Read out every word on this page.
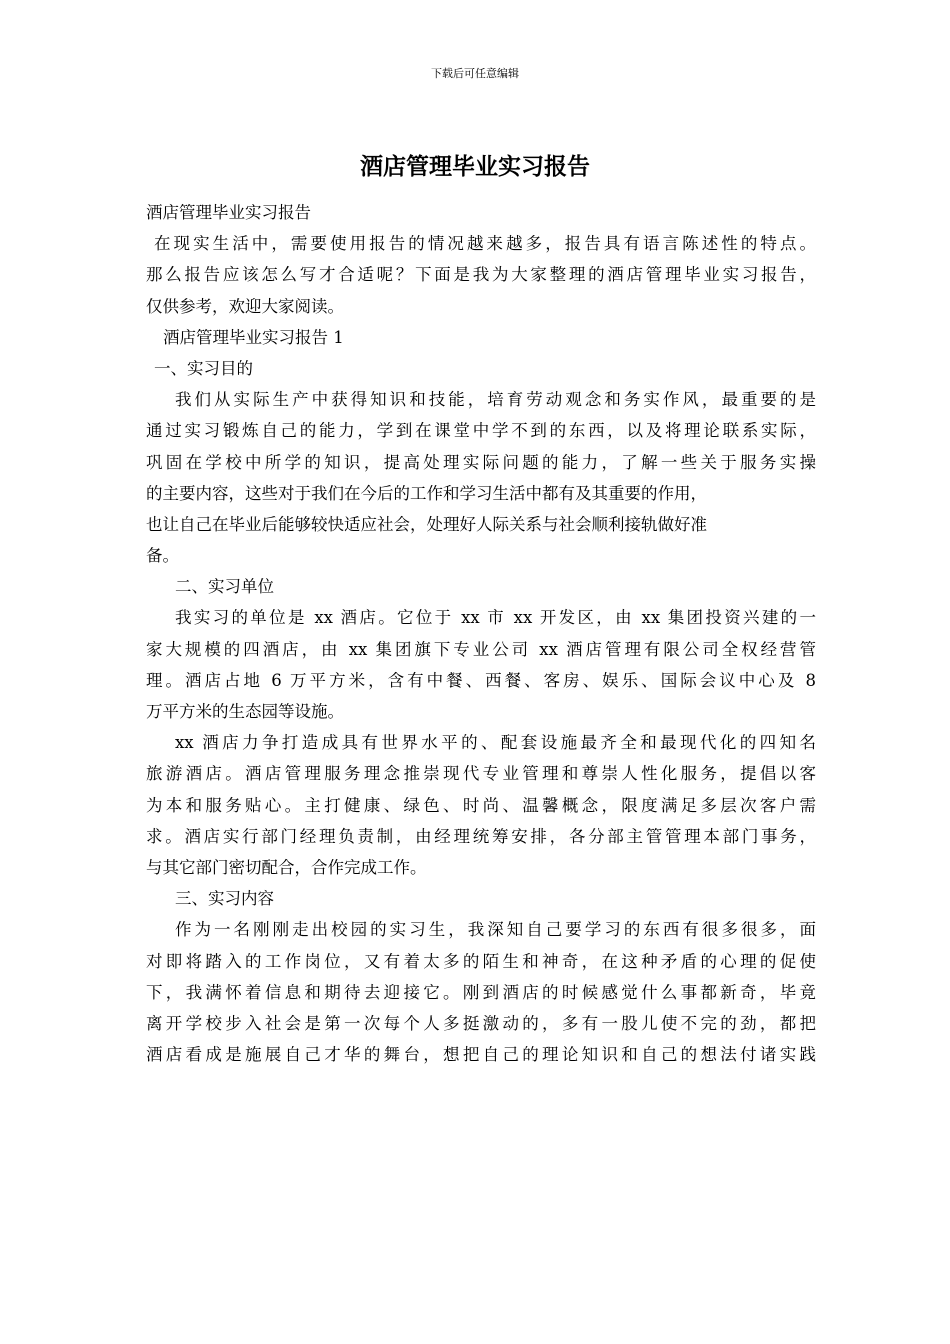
下载后可任意编辑
酒店管理毕业实习报告
酒店管理毕业实习报告
在现实生活中，需要使用报告的情况越来越多，报告具有语言陈述性的特点。
那么报告应该怎么写才合适呢？下面是我为大家整理的酒店管理毕业实习报告，
仅供参考，欢迎大家阅读。
酒店管理毕业实习报告 1
一、实习目的
我们从实际生产中获得知识和技能，培育劳动观念和务实作风，最重要的是
通过实习锻炼自己的能力，学到在课堂中学不到的东西，以及将理论联系实际，
巩固在学校中所学的知识，提高处理实际问题的能力，了解一些关于服务实操
的主要内容，这些对于我们在今后的工作和学习生活中都有及其重要的作用，
也让自己在毕业后能够较快适应社会，处理好人际关系与社会顺利接轨做好准
备。
二、实习单位
我实习的单位是 xx 酒店。它位于 xx 市 xx 开发区，由 xx 集团投资兴建的一
家大规模的四酒店，由 xx 集团旗下专业公司 xx 酒店管理有限公司全权经营管
理。酒店占地 6 万平方米，含有中餐、西餐、客房、娱乐、国际会议中心及 8
万平方米的生态园等设施。
xx 酒店力争打造成具有世界水平的、配套设施最齐全和最现代化的四知名
旅游酒店。酒店管理服务理念推崇现代专业管理和尊崇人性化服务，提倡以客
为本和服务贴心。主打健康、绿色、时尚、温馨概念，限度满足多层次客户需
求。酒店实行部门经理负责制，由经理统筹安排，各分部主管管理本部门事务，
与其它部门密切配合，合作完成工作。
三、实习内容
作为一名刚刚走出校园的实习生，我深知自己要学习的东西有很多很多，面
对即将踏入的工作岗位，又有着太多的陌生和神奇，在这种矛盾的心理的促使
下，我满怀着信息和期待去迎接它。刚到酒店的时候感觉什么事都新奇，毕竟
离开学校步入社会是第一次每个人多挺激动的，多有一股儿使不完的劲，都把
酒店看成是施展自己才华的舞台，想把自己的理论知识和自己的想法付诸实践
